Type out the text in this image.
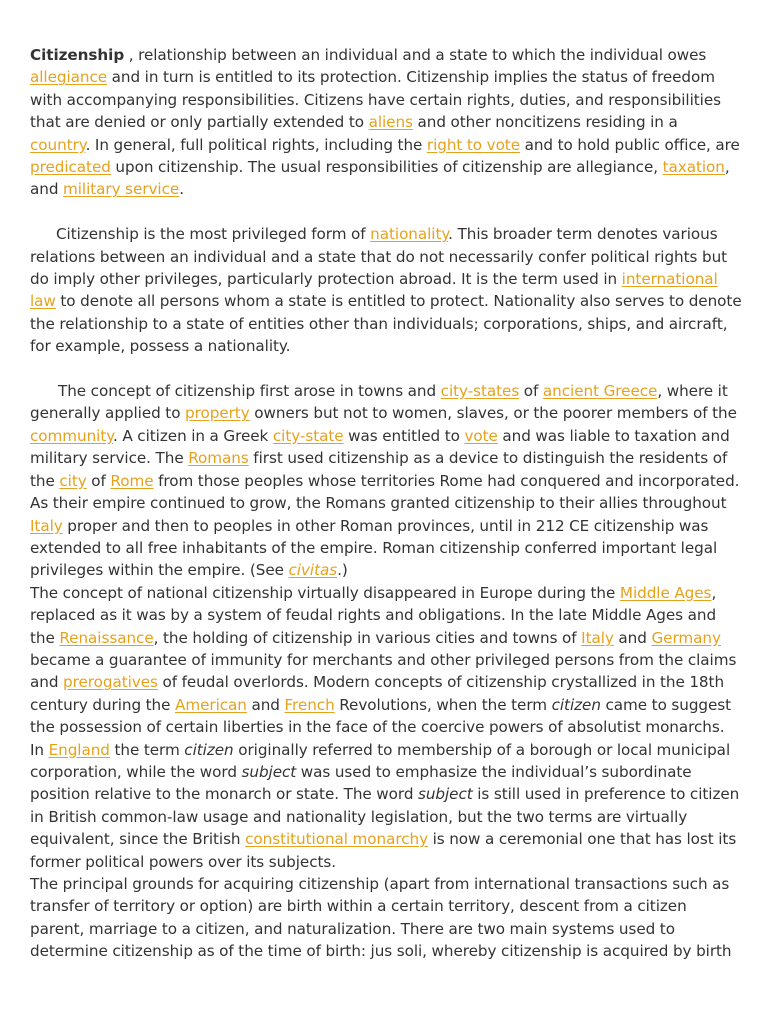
Citizenship , relationship between an individual and a state to which the individual owes allegiance and in turn is entitled to its protection. Citizenship implies the status of freedom with accompanying responsibilities. Citizens have certain rights, duties, and responsibilities that are denied or only partially extended to aliens and other noncitizens residing in a country. In general, full political rights, including the right to vote and to hold public office, are predicated upon citizenship. The usual responsibilities of citizenship are allegiance, taxation, and military service.

Citizenship is the most privileged form of nationality. This broader term denotes various relations between an individual and a state that do not necessarily confer political rights but do imply other privileges, particularly protection abroad. It is the term used in international law to denote all persons whom a state is entitled to protect. Nationality also serves to denote the relationship to a state of entities other than individuals; corporations, ships, and aircraft, for example, possess a nationality.

The concept of citizenship first arose in towns and city-states of ancient Greece, where it generally applied to property owners but not to women, slaves, or the poorer members of the community. A citizen in a Greek city-state was entitled to vote and was liable to taxation and military service. The Romans first used citizenship as a device to distinguish the residents of the city of Rome from those peoples whose territories Rome had conquered and incorporated. As their empire continued to grow, the Romans granted citizenship to their allies throughout Italy proper and then to peoples in other Roman provinces, until in 212 CE citizenship was extended to all free inhabitants of the empire. Roman citizenship conferred important legal privileges within the empire. (See civitas.)

The concept of national citizenship virtually disappeared in Europe during the Middle Ages, replaced as it was by a system of feudal rights and obligations. In the late Middle Ages and the Renaissance, the holding of citizenship in various cities and towns of Italy and Germany became a guarantee of immunity for merchants and other privileged persons from the claims and prerogatives of feudal overlords. Modern concepts of citizenship crystallized in the 18th century during the American and French Revolutions, when the term citizen came to suggest the possession of certain liberties in the face of the coercive powers of absolutist monarchs. In England the term citizen originally referred to membership of a borough or local municipal corporation, while the word subject was used to emphasize the individual’s subordinate position relative to the monarch or state. The word subject is still used in preference to citizen in British common-law usage and nationality legislation, but the two terms are virtually equivalent, since the British constitutional monarchy is now a ceremonial one that has lost its former political powers over its subjects.

The principal grounds for acquiring citizenship (apart from international transactions such as transfer of territory or option) are birth within a certain territory, descent from a citizen parent, marriage to a citizen, and naturalization. There are two main systems used to determine citizenship as of the time of birth: jus soli, whereby citizenship is acquired by birth
